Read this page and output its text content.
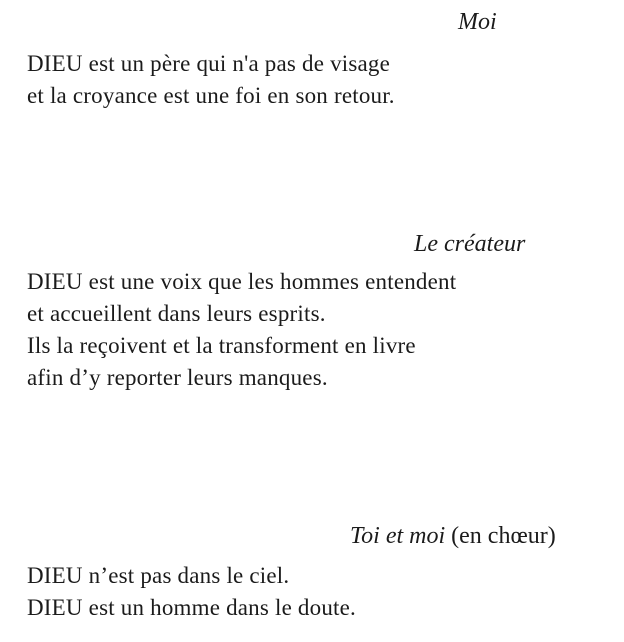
Moi
DIEU est un père qui n'a pas de visage
et la croyance est une foi en son retour.
Le créateur
DIEU est une voix que les hommes entendent
et accueillent dans leurs esprits.
Ils la reçoivent et la transforment en livre
afin d’y reporter leurs manques.
Toi et moi (en chœur)
DIEU n’est pas dans le ciel.
DIEU est un homme dans le doute.
